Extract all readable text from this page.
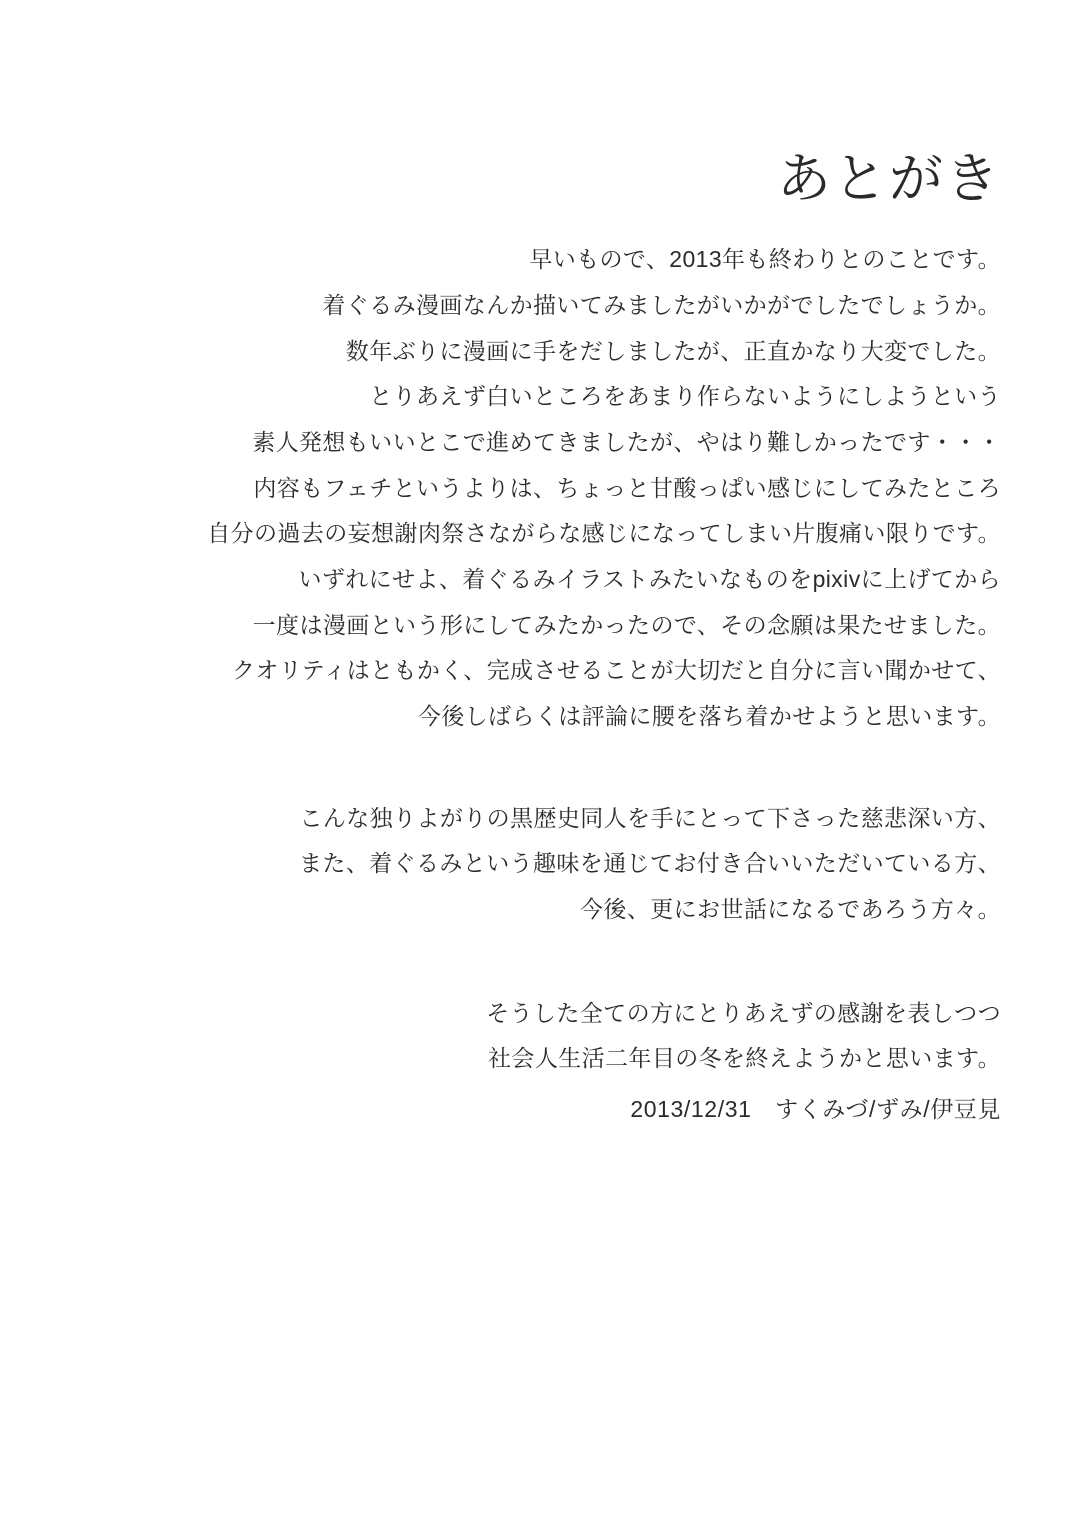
あとがき

早いもので、2013年も終わりとのことです。

着ぐるみ漫画なんか描いてみましたがいかがでしたでしょうか。

数年ぶりに漫画に手をだしましたが、正直かなり大変でした。

とりあえず白いところをあまり作らないようにしようという

素人発想もいいとこで進めてきましたが、やはり難しかったです・・・

内容もフェチというよりは、ちょっと甘酸っぱい感じにしてみたところ

自分の過去の妄想謝肉祭さながらな感じになってしまい片腹痛い限りです。

いずれにせよ、着ぐるみイラストみたいなものをpixivに上げてから

一度は漫画という形にしてみたかったので、その念願は果たせました。

クオリティはともかく、完成させることが大切だと自分に言い聞かせて、

今後しばらくは評論に腰を落ち着かせようと思います。

こんな独りよがりの黒歴史同人を手にとって下さった慈悲深い方、

また、着ぐるみという趣味を通じてお付き合いいただいている方、

今後、更にお世話になるであろう方々。

そうした全ての方にとりあえずの感謝を表しつつ

社会人生活二年目の冬を終えようかと思います。

2013/12/31　すくみづ/ずみ/伊豆見
